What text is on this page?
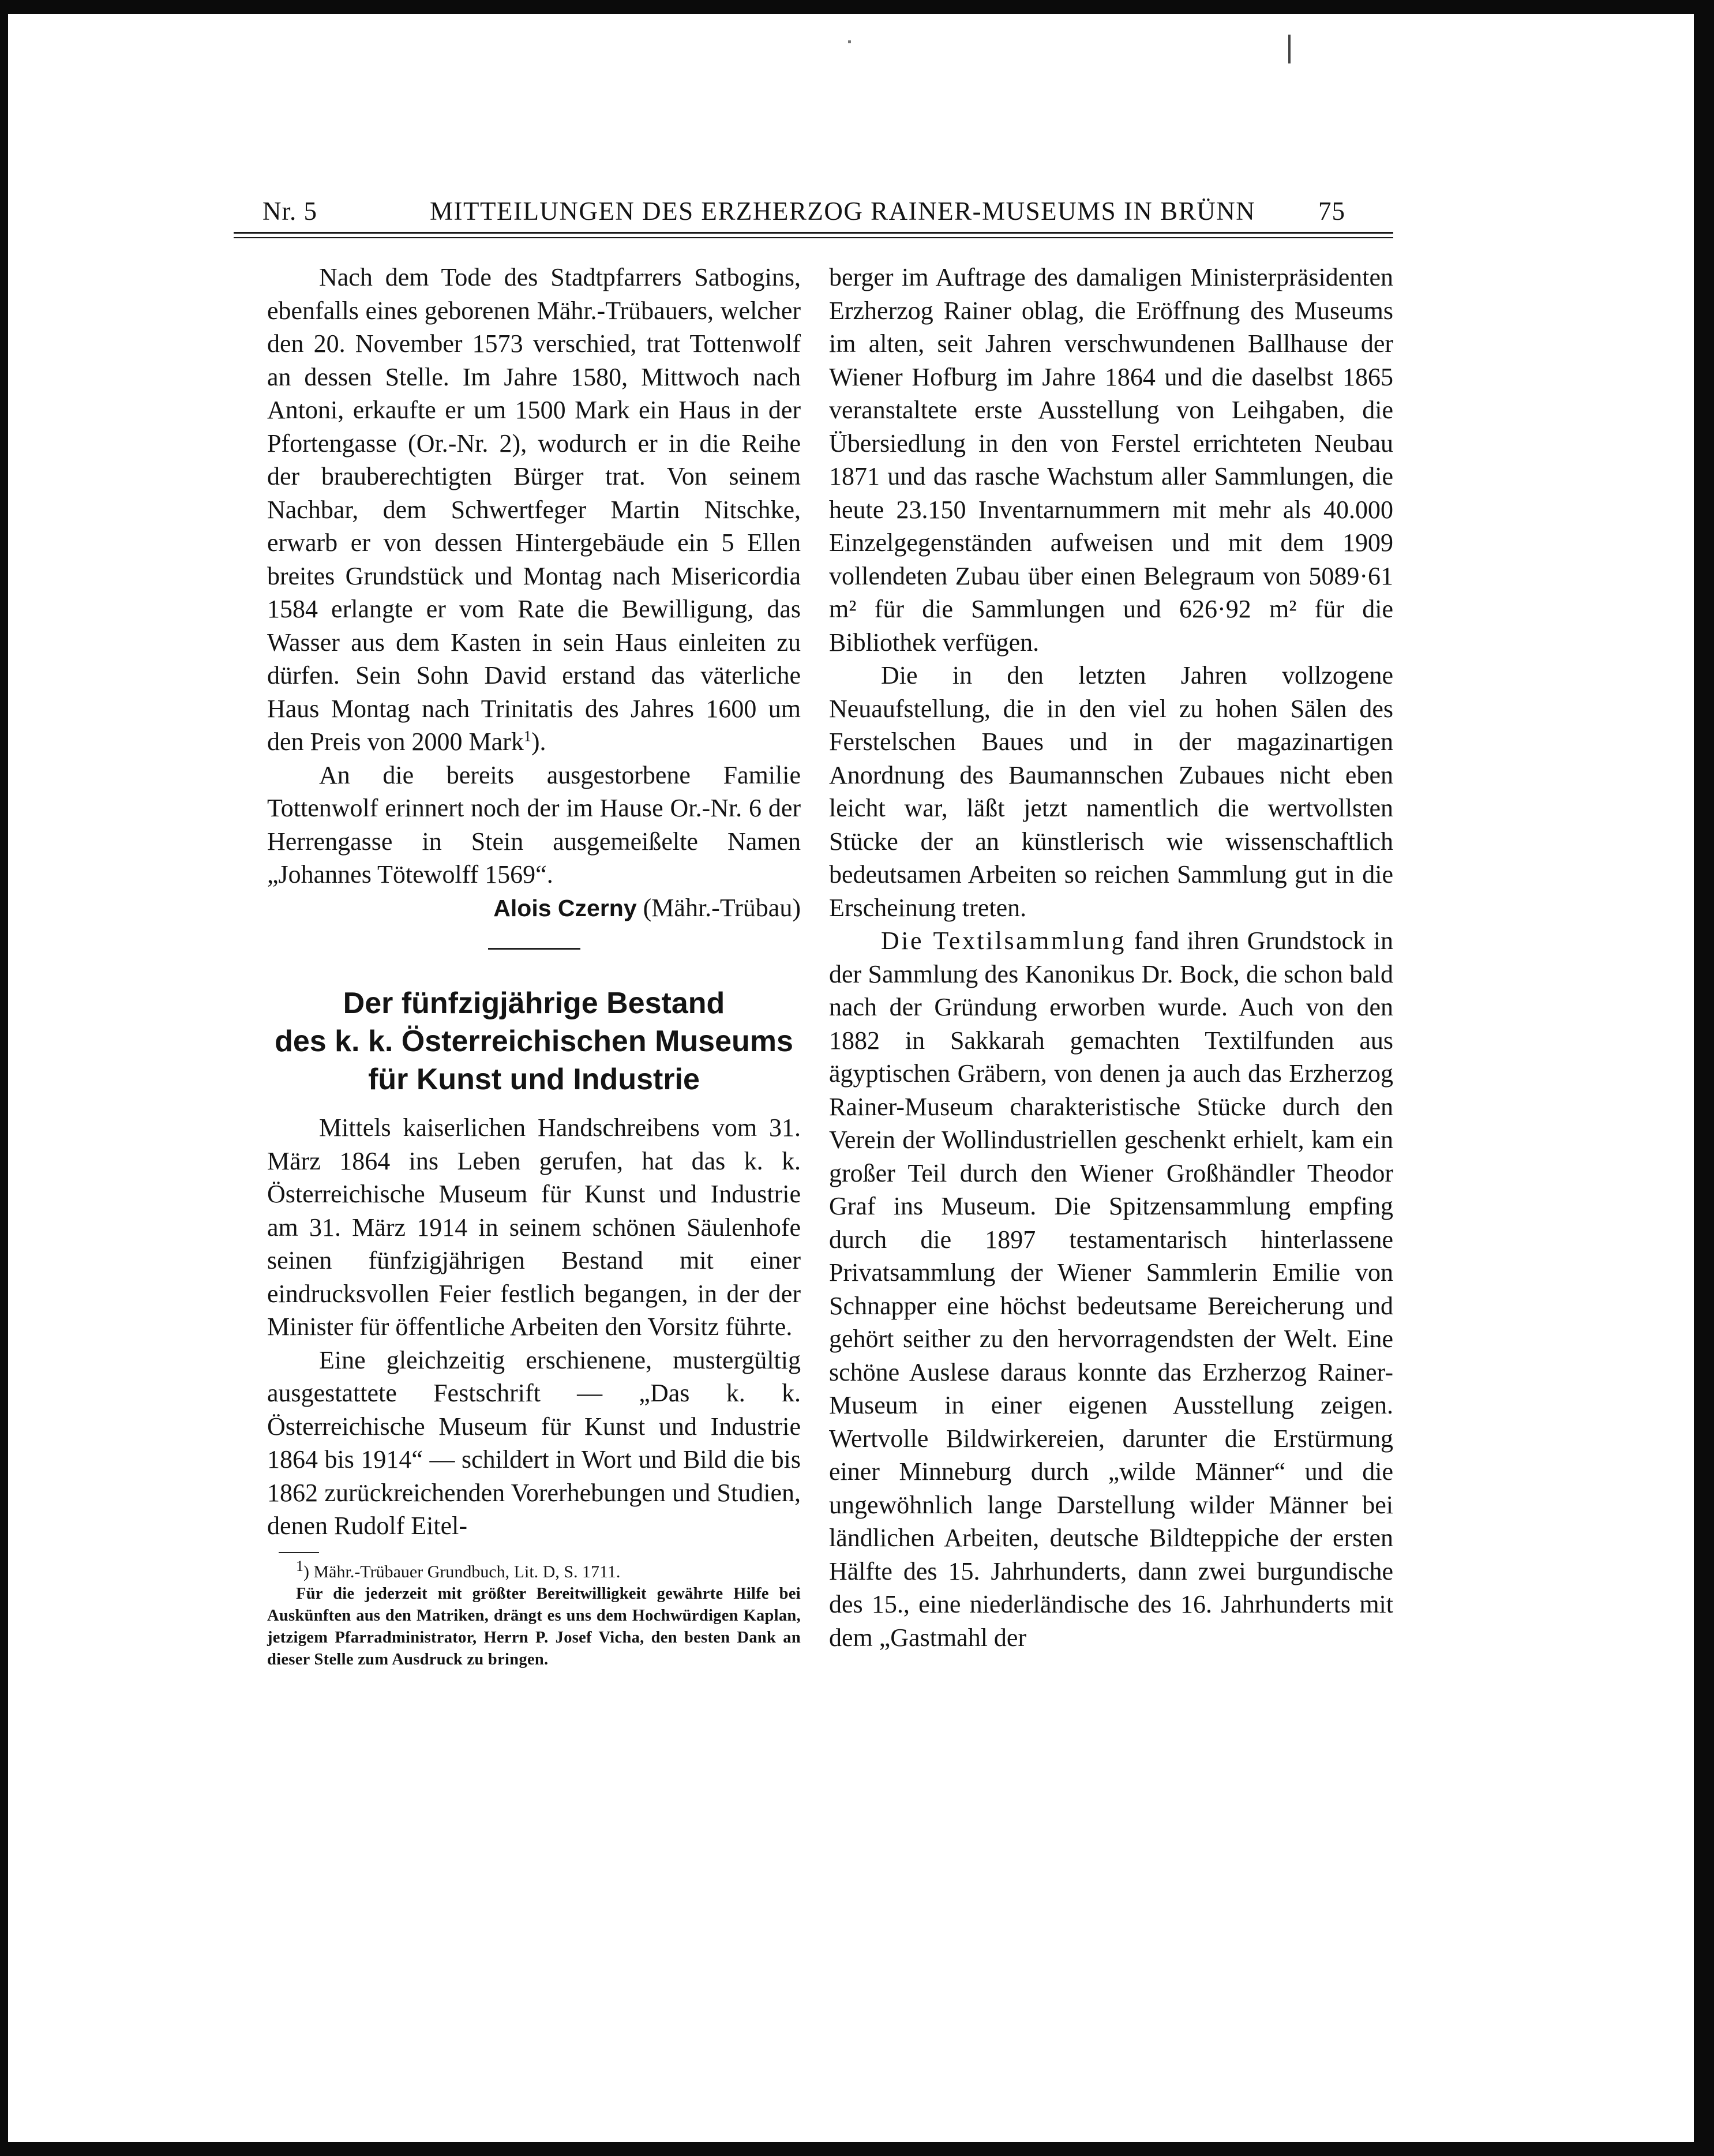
Nr. 5	MITTEILUNGEN DES ERZHERZOG RAINER-MUSEUMS IN BRÜNN 75

Nach dem Tode des Stadtpfarrers Satbogins, ebenfalls eines geborenen Mähr.-Trübauers, welcher den 20. November 1573 verschied, trat Tottenwolf an dessen Stelle. Im Jahre 1580, Mittwoch nach Antoni, erkaufte er um 1500 Mark ein Haus in der Pfortengasse (Or.-Nr. 2), wodurch er in die Reihe der brauberechtigten Bürger trat. Von seinem Nachbar, dem Schwertfeger Martin Nitschke, erwarb er von dessen Hintergebäude ein 5 Ellen breites Grundstück und Montag nach Misericordia 1584 erlangte er vom Rate die Bewilligung, das Wasser aus dem Kasten in sein Haus einleiten zu dürfen. Sein Sohn David erstand das väterliche Haus Montag nach Trinitatis des Jahres 1600 um den Preis von 2000 Mark$^1$).

An die bereits ausgestorbene Familie Tottenwolf erinnert noch der im Hause Or.-Nr. 6 der Herrengasse in Stein ausgemeißelte Namen „Johannes Tötewolff 1569“.

Alois Czerny (Mähr.-Trübau)

Der fünfzigjährige Bestand
des k. k. Österreichischen Museums
für Kunst und Industrie

Mittels kaiserlichen Handschreibens vom 31. März 1864 ins Leben gerufen, hat das k. k. Österreichische Museum für Kunst und Industrie am 31. März 1914 in seinem schönen Säulenhofe seinen fünfzigjährigen Bestand mit einer eindrucksvollen Feier festlich begangen, in der der Minister für öffentliche Arbeiten den Vorsitz führte.

Eine gleichzeitig erschienene, mustergültig ausgestattete Festschrift — „Das k. k. Österreichische Museum für Kunst und Industrie 1864 bis 1914“ — schildert in Wort und Bild die bis 1862 zurückreichenden Vorerhebungen und Studien, denen Rudolf Eitel-

1) Mähr.-Trübauer Grundbuch, Lit. D, S. 1711.

Für die jederzeit mit größter Bereitwilligkeit gewährte Hilfe bei Auskünften aus den Matriken, drängt es uns dem Hochwürdigen Kaplan, jetzigem Pfarradministrator, Herrn P. Josef Vicha, den besten Dank an dieser Stelle zum Ausdruck zu bringen.

berger im Auftrage des damaligen Ministerpräsidenten Erzherzog Rainer oblag, die Eröffnung des Museums im alten, seit Jahren verschwundenen Ballhause der Wiener Hofburg im Jahre 1864 und die daselbst 1865 veranstaltete erste Ausstellung von Leihgaben, die Übersiedlung in den von Ferstel errichteten Neubau 1871 und das rasche Wachstum aller Sammlungen, die heute 23.150 Inventarnummern mit mehr als 40.000 Einzelgegenständen aufweisen und mit dem 1909 vollendeten Zubau über einen Belegraum von 5089·61 m² für die Sammlungen und 626·92 m² für die Bibliothek verfügen.

Die in den letzten Jahren vollzogene Neuaufstellung, die in den viel zu hohen Sälen des Ferstelschen Baues und in der magazinartigen Anordnung des Baumannschen Zubaues nicht eben leicht war, läßt jetzt namentlich die wertvollsten Stücke der an künstlerisch wie wissenschaftlich bedeutsamen Arbeiten so reichen Sammlung gut in die Erscheinung treten.

Die Textilsammlung fand ihren Grundstock in der Sammlung des Kanonikus Dr. Bock, die schon bald nach der Gründung erworben wurde. Auch von den 1882 in Sakkarah gemachten Textilfunden aus ägyptischen Gräbern, von denen ja auch das Erzherzog Rainer-Museum charakteristische Stücke durch den Verein der Wollindustriellen geschenkt erhielt, kam ein großer Teil durch den Wiener Großhändler Theodor Graf ins Museum. Die Spitzensammlung empfing durch die 1897 testamentarisch hinterlassene Privatsammlung der Wiener Sammlerin Emilie von Schnapper eine höchst bedeutsame Bereicherung und gehört seither zu den hervorragendsten der Welt. Eine schöne Auslese daraus konnte das Erzherzog Rainer-Museum in einer eigenen Ausstellung zeigen. Wertvolle Bildwirkereien, darunter die Erstürmung einer Minneburg durch „wilde Männer“ und die ungewöhnlich lange Darstellung wilder Männer bei ländlichen Arbeiten, deutsche Bildteppiche der ersten Hälfte des 15. Jahrhunderts, dann zwei burgundische des 15., eine niederländische des 16. Jahrhunderts mit dem „Gastmahl der
